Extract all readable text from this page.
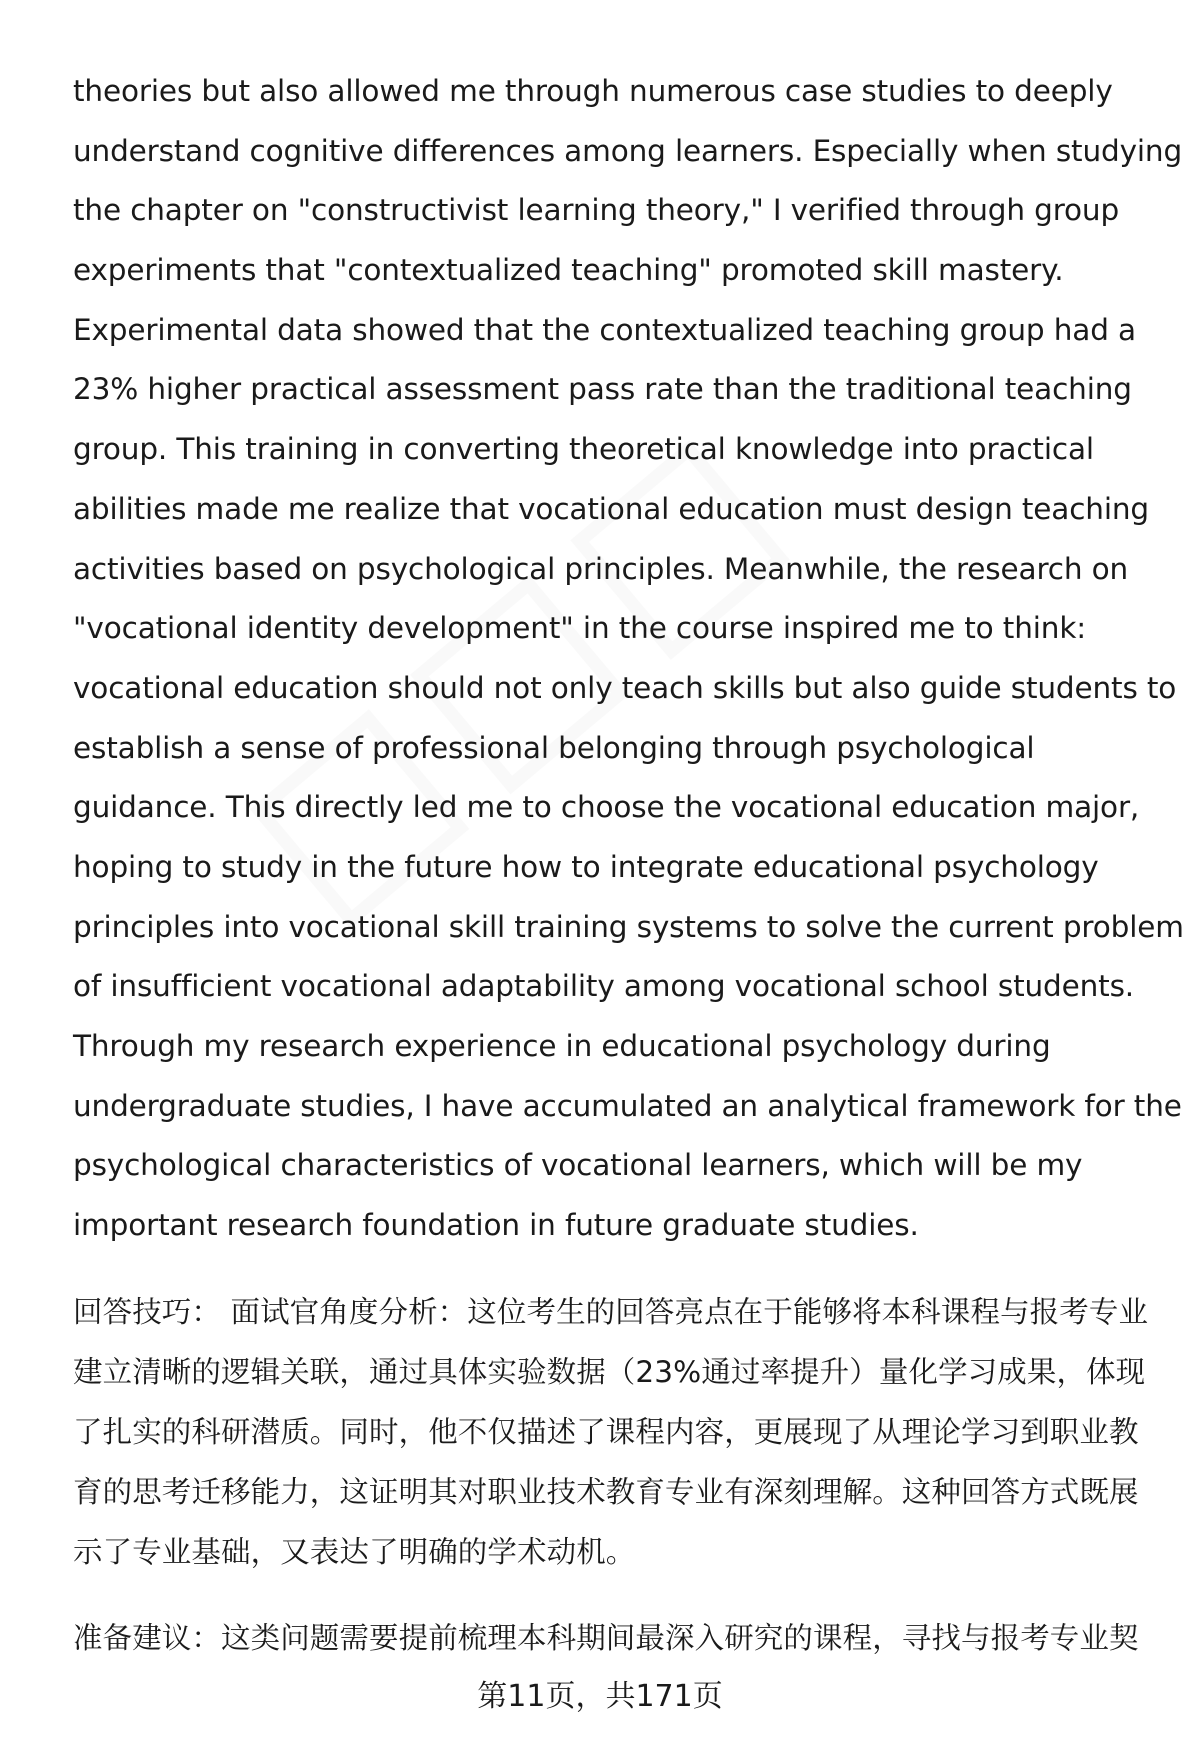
theories but also allowed me through numerous case studies to deeply
understand cognitive differences among learners. Especially when studying
the chapter on "constructivist learning theory," I verified through group
experiments that "contextualized teaching" promoted skill mastery.
Experimental data showed that the contextualized teaching group had a
23% higher practical assessment pass rate than the traditional teaching
group. This training in converting theoretical knowledge into practical
abilities made me realize that vocational education must design teaching
activities based on psychological principles. Meanwhile, the research on
"vocational identity development" in the course inspired me to think:
vocational education should not only teach skills but also guide students to
establish a sense of professional belonging through psychological
guidance. This directly led me to choose the vocational education major,
hoping to study in the future how to integrate educational psychology
principles into vocational skill training systems to solve the current problem
of insufficient vocational adaptability among vocational school students.
Through my research experience in educational psychology during
undergraduate studies, I have accumulated an analytical framework for the
psychological characteristics of vocational learners, which will be my
important research foundation in future graduate studies.

回答技巧： 面试官角度分析：这位考生的回答亮点在于能够将本科课程与报考专业
建立清晰的逻辑关联，通过具体实验数据（23%通过率提升）量化学习成果，体现
了扎实的科研潜质。同时，他不仅描述了课程内容，更展现了从理论学习到职业教
育的思考迁移能力，这证明其对职业技术教育专业有深刻理解。这种回答方式既展
示了专业基础，又表达了明确的学术动机。

准备建议：这类问题需要提前梳理本科期间最深入研究的课程，寻找与报考专业契

第11页，共171页
